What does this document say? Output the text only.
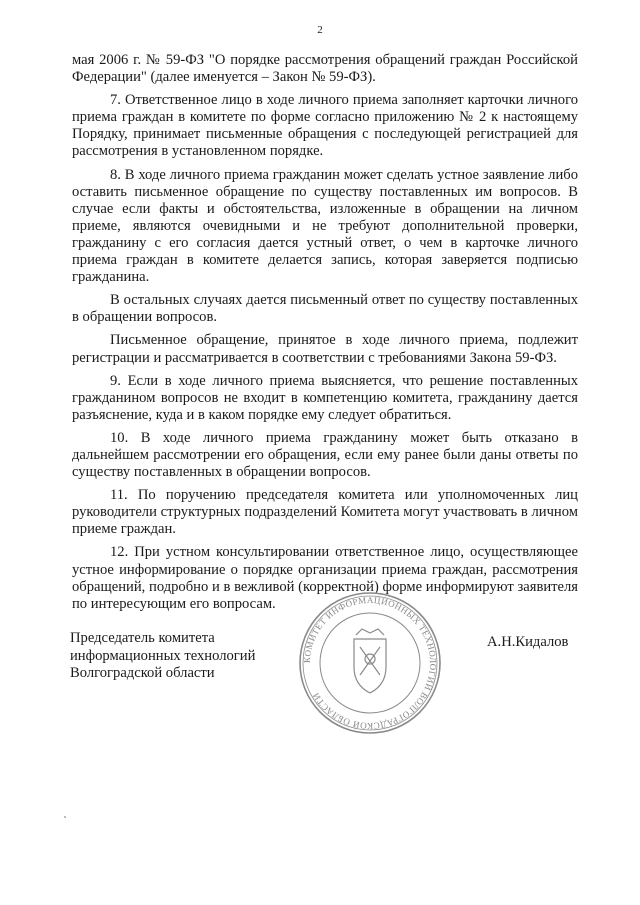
2

мая 2006 г. № 59-ФЗ "О порядке рассмотрения обращений граждан Российской Федерации" (далее именуется – Закон № 59-ФЗ).

7. Ответственное лицо в ходе личного приема заполняет карточки личного приема граждан в комитете по форме согласно приложению № 2 к настоящему Порядку, принимает письменные обращения с последующей регистрацией для рассмотрения в установленном порядке.

8. В ходе личного приема гражданин может сделать устное заявление либо оставить письменное обращение по существу поставленных им вопросов. В случае если факты и обстоятельства, изложенные в обращении на личном приеме, являются очевидными и не требуют дополнительной проверки, гражданину с его согласия дается устный ответ, о чем в карточке личного приема граждан в комитете делается запись, которая заверяется подписью гражданина.

В остальных случаях дается письменный ответ по существу поставленных в обращении вопросов.

Письменное обращение, принятое в ходе личного приема, подлежит регистрации и рассматривается в соответствии с требованиями Закона 59-ФЗ.

9. Если в ходе личного приема выясняется, что решение поставленных гражданином вопросов не входит в компетенцию комитета, гражданину дается разъяснение, куда и в каком порядке ему следует обратиться.

10. В ходе личного приема гражданину может быть отказано в дальнейшем рассмотрении его обращения, если ему ранее были даны ответы по существу поставленных в обращении вопросов.

11. По поручению председателя комитета или уполномоченных лиц руководители структурных подразделений Комитета могут участвовать в личном приеме граждан.

12. При устном консультировании ответственное лицо, осуществляющее устное информирование о порядке организации приема граждан, рассмотрения обращений, подробно и в вежливой (корректной) форме информируют заявителя по интересующим его вопросам.

Председатель комитета
информационных технологий
Волгоградской области
А.Н.Кидалов
КОМИТЕТ ИНФОРМАЦИОННЫХ ТЕХНОЛОГИЙ ВОЛГОГРАДСКОЙ ОБЛАСТИ
